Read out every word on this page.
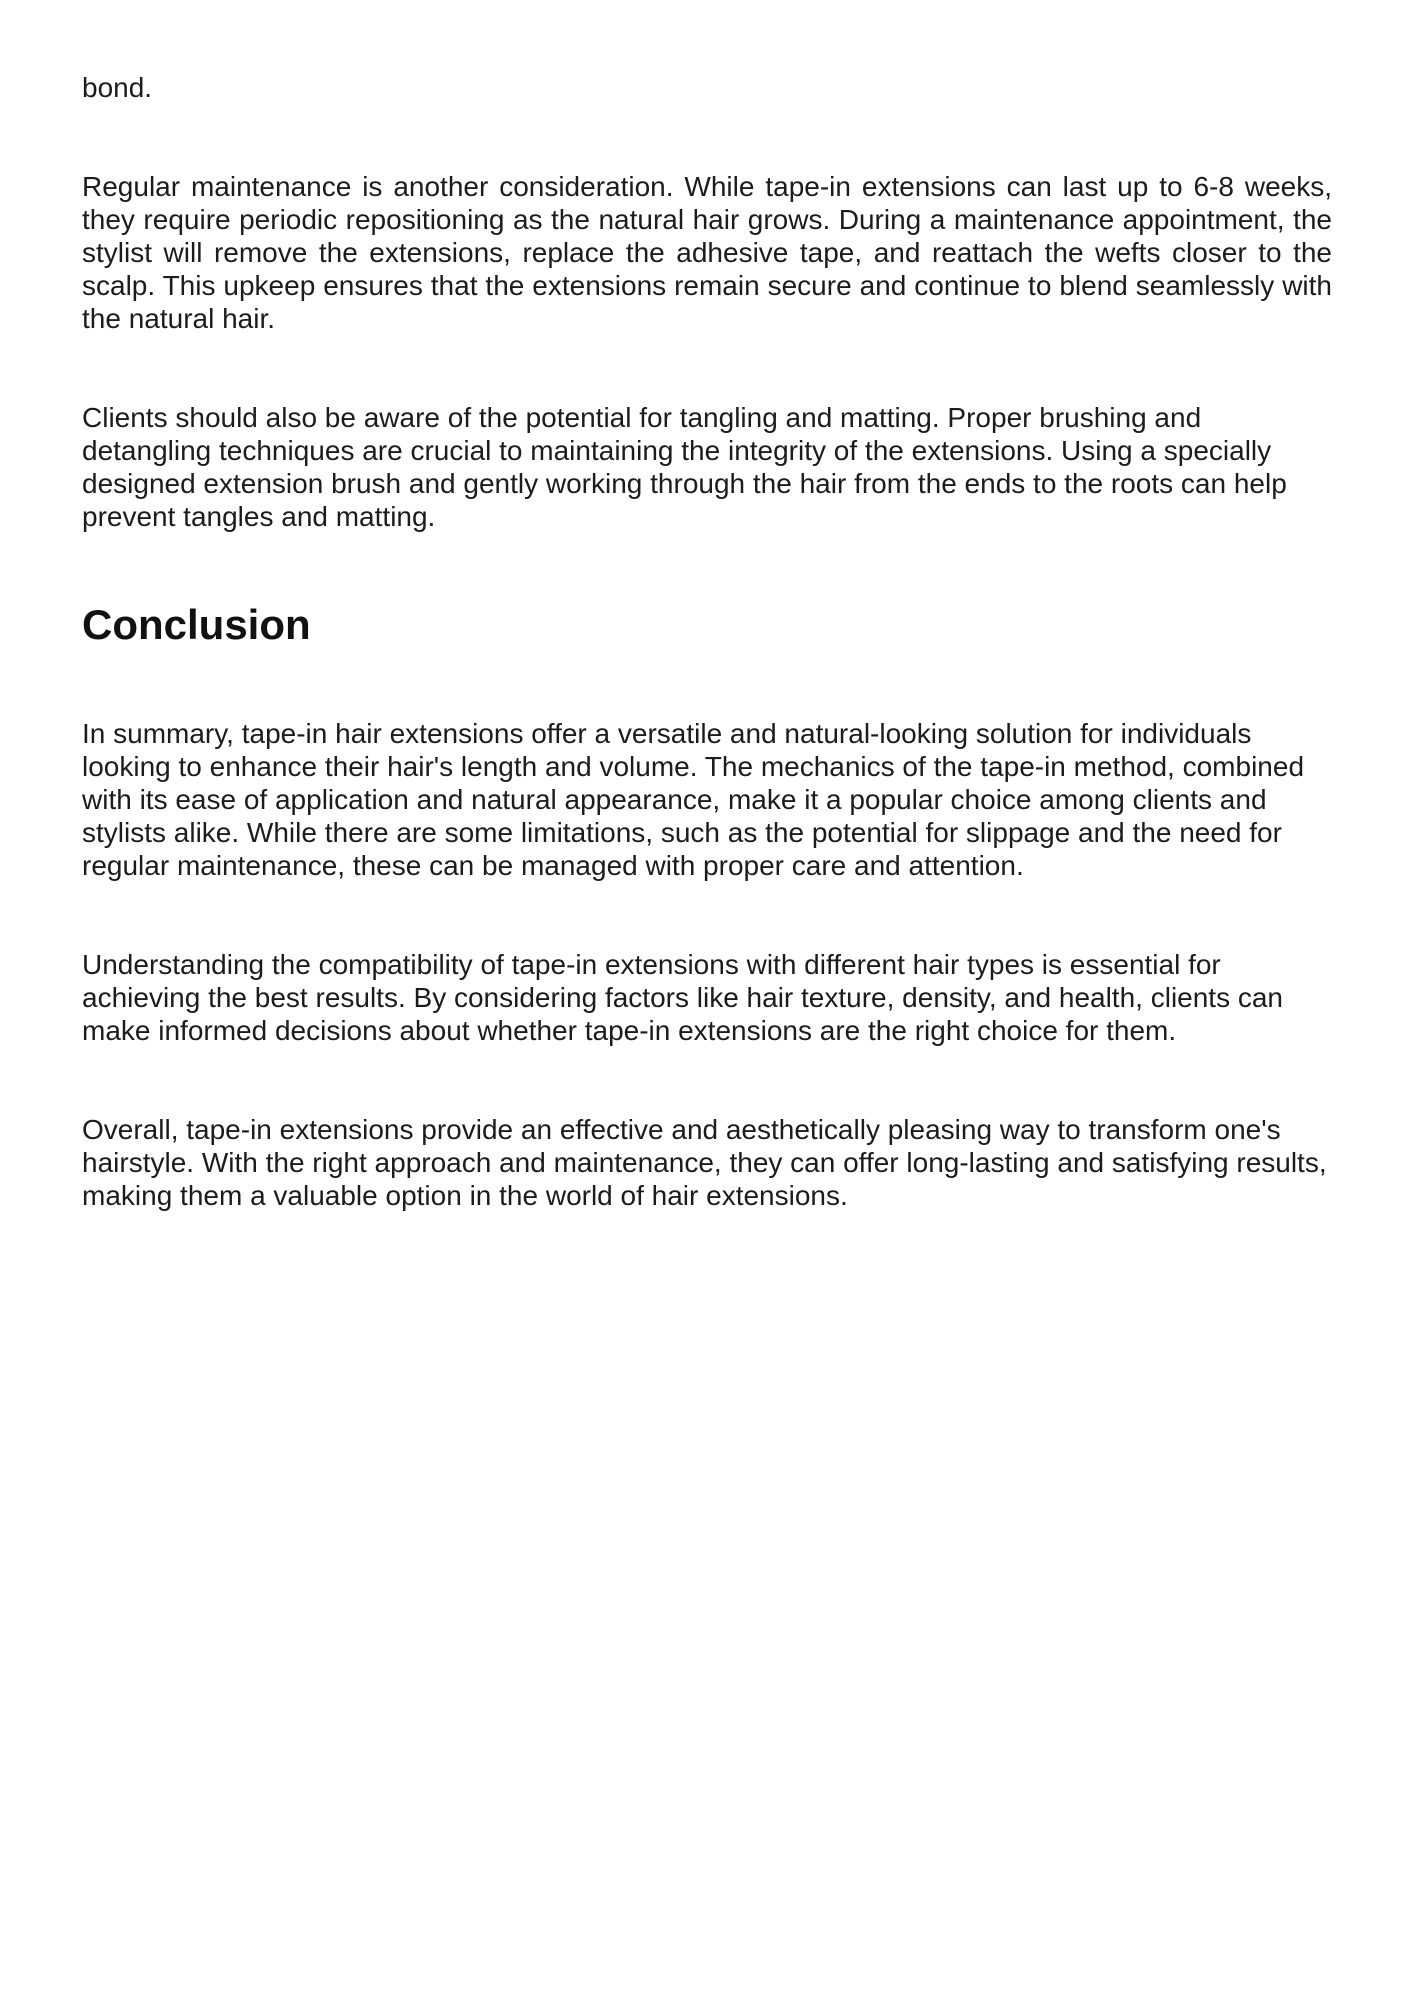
bond.

Regular maintenance is another consideration. While tape-in extensions can last up to 6-8 weeks, they require periodic repositioning as the natural hair grows. During a maintenance appointment, the stylist will remove the extensions, replace the adhesive tape, and reattach the wefts closer to the scalp. This upkeep ensures that the extensions remain secure and continue to blend seamlessly with the natural hair.

Clients should also be aware of the potential for tangling and matting. Proper brushing and detangling techniques are crucial to maintaining the integrity of the extensions. Using a specially designed extension brush and gently working through the hair from the ends to the roots can help prevent tangles and matting.

Conclusion

In summary, tape-in hair extensions offer a versatile and natural-looking solution for individuals looking to enhance their hair's length and volume. The mechanics of the tape-in method, combined with its ease of application and natural appearance, make it a popular choice among clients and stylists alike. While there are some limitations, such as the potential for slippage and the need for regular maintenance, these can be managed with proper care and attention.

Understanding the compatibility of tape-in extensions with different hair types is essential for achieving the best results. By considering factors like hair texture, density, and health, clients can make informed decisions about whether tape-in extensions are the right choice for them.

Overall, tape-in extensions provide an effective and aesthetically pleasing way to transform one's hairstyle. With the right approach and maintenance, they can offer long-lasting and satisfying results, making them a valuable option in the world of hair extensions.
